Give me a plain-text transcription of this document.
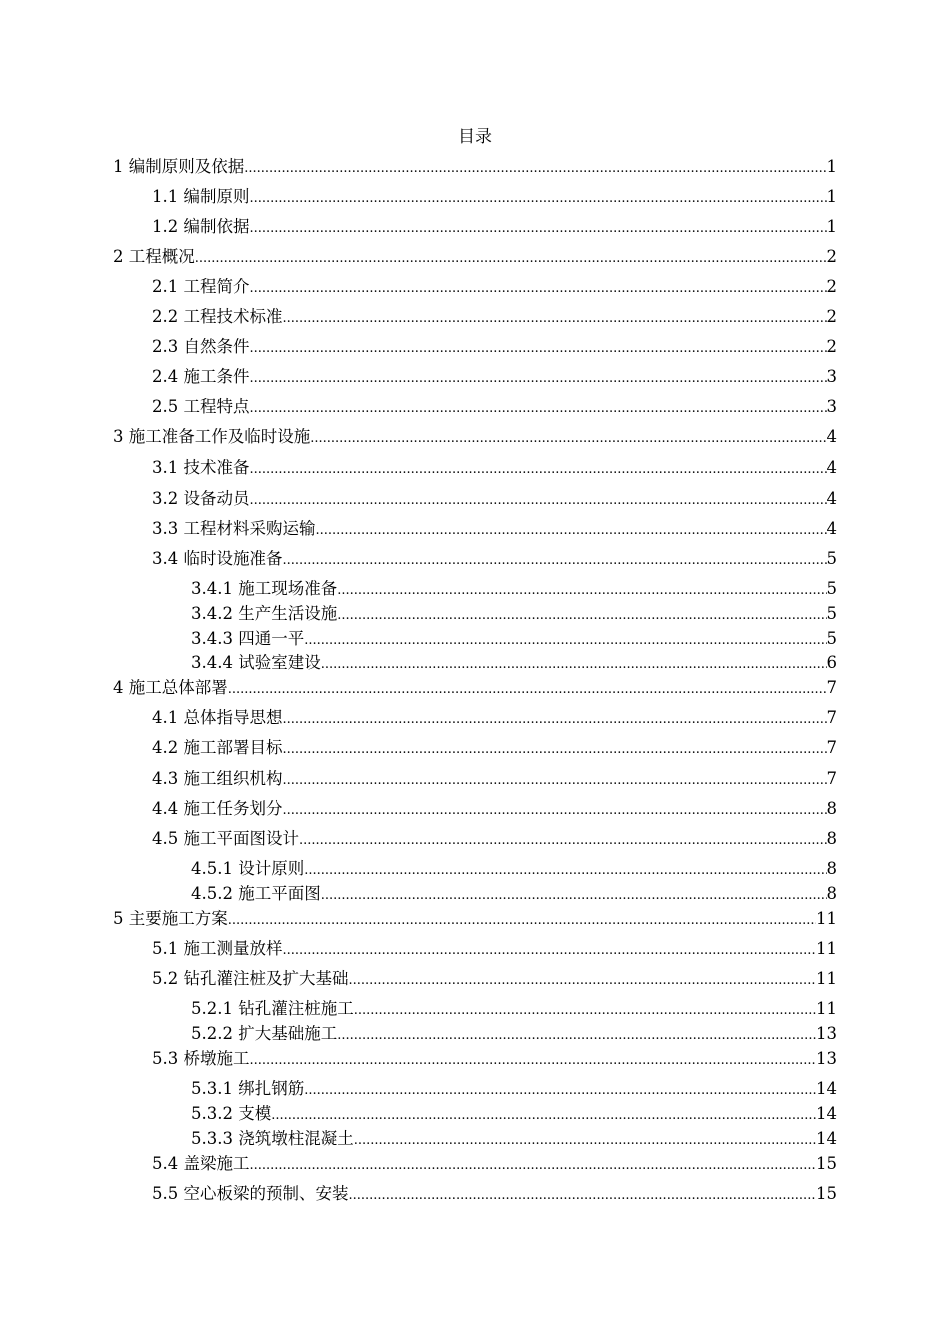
目录
1 编制原则及依据 .....	1
1.1 编制原则 .....	1
1.2 编制依据 .....	1
2 工程概况 .....	2
2.1 工程简介 .....	2
2.2 工程技术标准 .....	2
2.3 自然条件 .....	2
2.4 施工条件 .....	3
2.5 工程特点 .....	3
3 施工准备工作及临时设施 .....	4
3.1 技术准备 .....	4
3.2 设备动员 .....	4
3.3 工程材料采购运输 .....	4
3.4 临时设施准备 .....	5
3.4.1 施工现场准备 .....	5
3.4.2 生产生活设施 .....	5
3.4.3 四通一平 .....	5
3.4.4 试验室建设 .....	6
4 施工总体部署 .....	7
4.1 总体指导思想 .....	7
4.2 施工部署目标 .....	7
4.3 施工组织机构 .....	7
4.4 施工任务划分 .....	8
4.5 施工平面图设计 .....	8
4.5.1 设计原则 .....	8
4.5.2 施工平面图 .....	8
5 主要施工方案 .....	11
5.1 施工测量放样 .....	11
5.2 钻孔灌注桩及扩大基础 .....	11
5.2.1 钻孔灌注桩施工 .....	11
5.2.2 扩大基础施工 .....	13
5.3 桥墩施工 .....	13
5.3.1 绑扎钢筋 .....	14
5.3.2 支模 .....	14
5.3.3 浇筑墩柱混凝土 .....	14
5.4 盖梁施工 .....	15
5.5 空心板梁的预制、安装 .....	15
